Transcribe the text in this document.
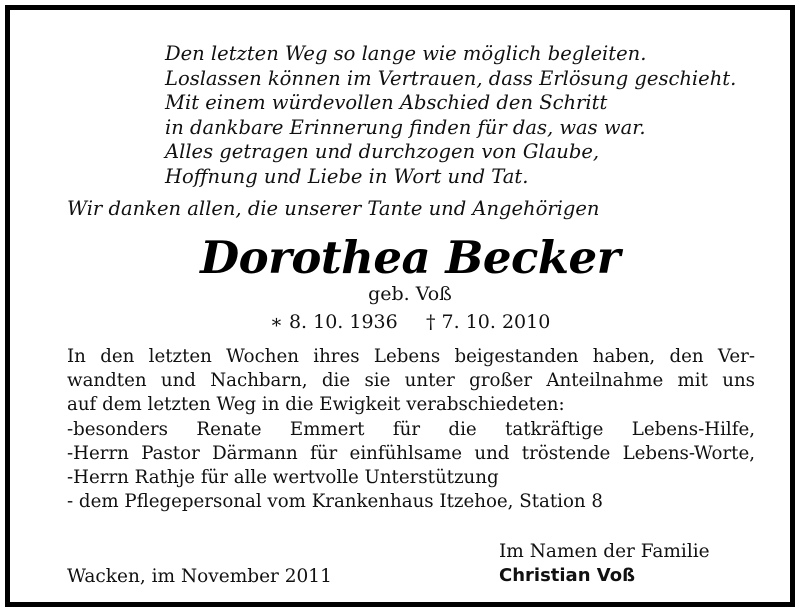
Den letzten Weg so lange wie möglich begleiten.
Loslassen können im Vertrauen, dass Erlösung geschieht.
Mit einem würdevollen Abschied den Schritt
in dankbare Erinnerung finden für das, was war.
Alles getragen und durchzogen von Glaube,
Hoffnung und Liebe in Wort und Tat.
Wir danken allen, die unserer Tante und Angehörigen
Dorothea Becker
geb. Voß
∗ 8. 10. 1936 † 7. 10. 2010
In den letzten Wochen ihres Lebens beigestanden haben, den Ver-
wandten und Nachbarn, die sie unter großer Anteilnahme mit uns
auf dem letzten Weg in die Ewigkeit verabschiedeten:
-besonders Renate Emmert für die tatkräftige Lebens-Hilfe,
-Herrn Pastor Därmann für einfühlsame und tröstende Lebens-Worte,
-Herrn Rathje für alle wertvolle Unterstützung
- dem Pflegepersonal vom Krankenhaus Itzehoe, Station 8
Im Namen der Familie
Christian Voß
Wacken, im November 2011
